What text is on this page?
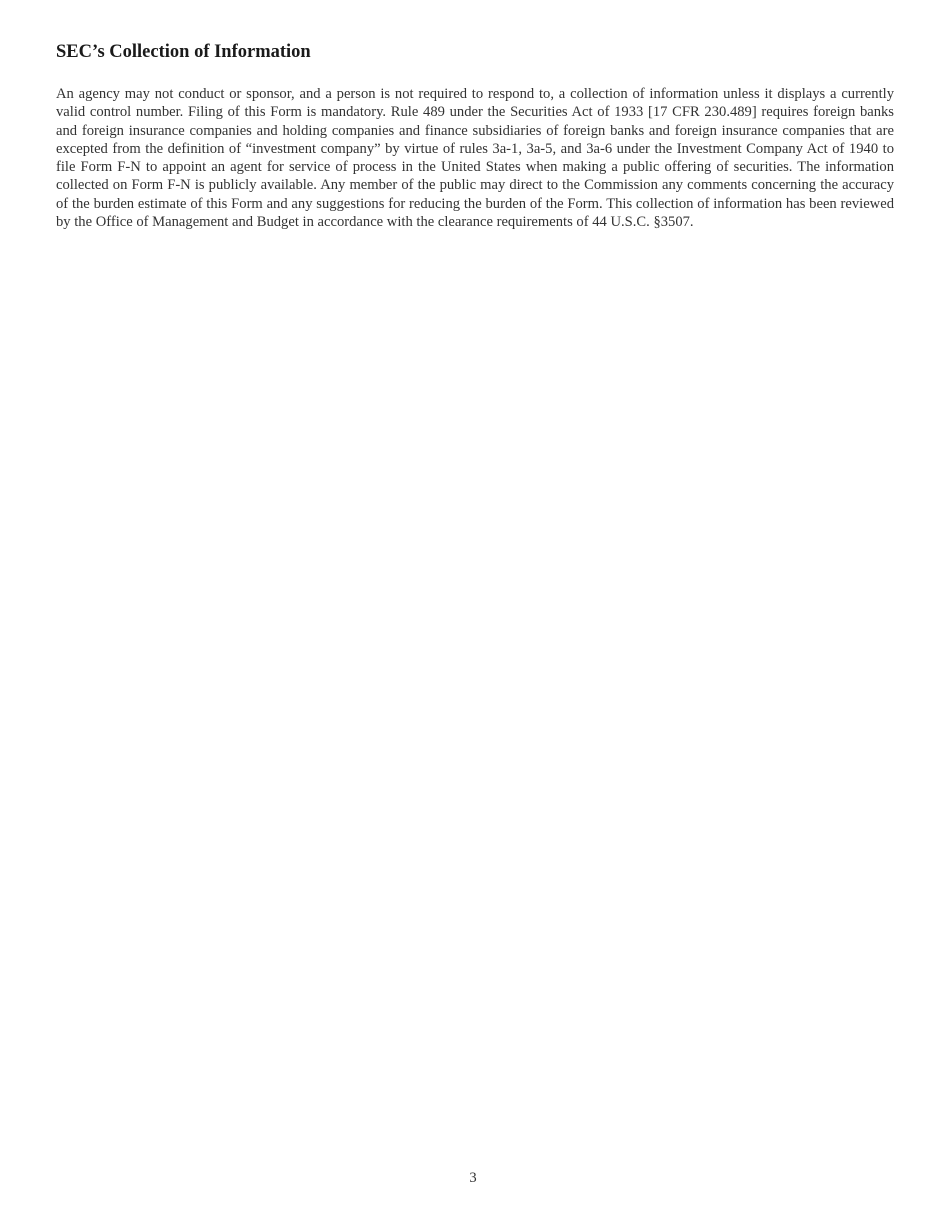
SEC’s Collection of Information

An agency may not conduct or sponsor, and a person is not required to respond to, a collection of information unless it displays a currently valid control number. Filing of this Form is mandatory. Rule 489 under the Securities Act of 1933 [17 CFR 230.489] requires foreign banks and foreign insurance companies and holding companies and finance subsidiaries of foreign banks and foreign insurance companies that are excepted from the definition of “investment company” by virtue of rules 3a-1, 3a-5, and 3a-6 under the Investment Company Act of 1940 to file Form F-N to appoint an agent for service of process in the United States when making a public offering of securities. The information collected on Form F-N is publicly available. Any member of the public may direct to the Commission any comments concerning the accuracy of the burden estimate of this Form and any suggestions for reducing the burden of the Form. This collection of information has been reviewed by the Office of Management and Budget in accordance with the clearance requirements of 44 U.S.C. §3507.

3
